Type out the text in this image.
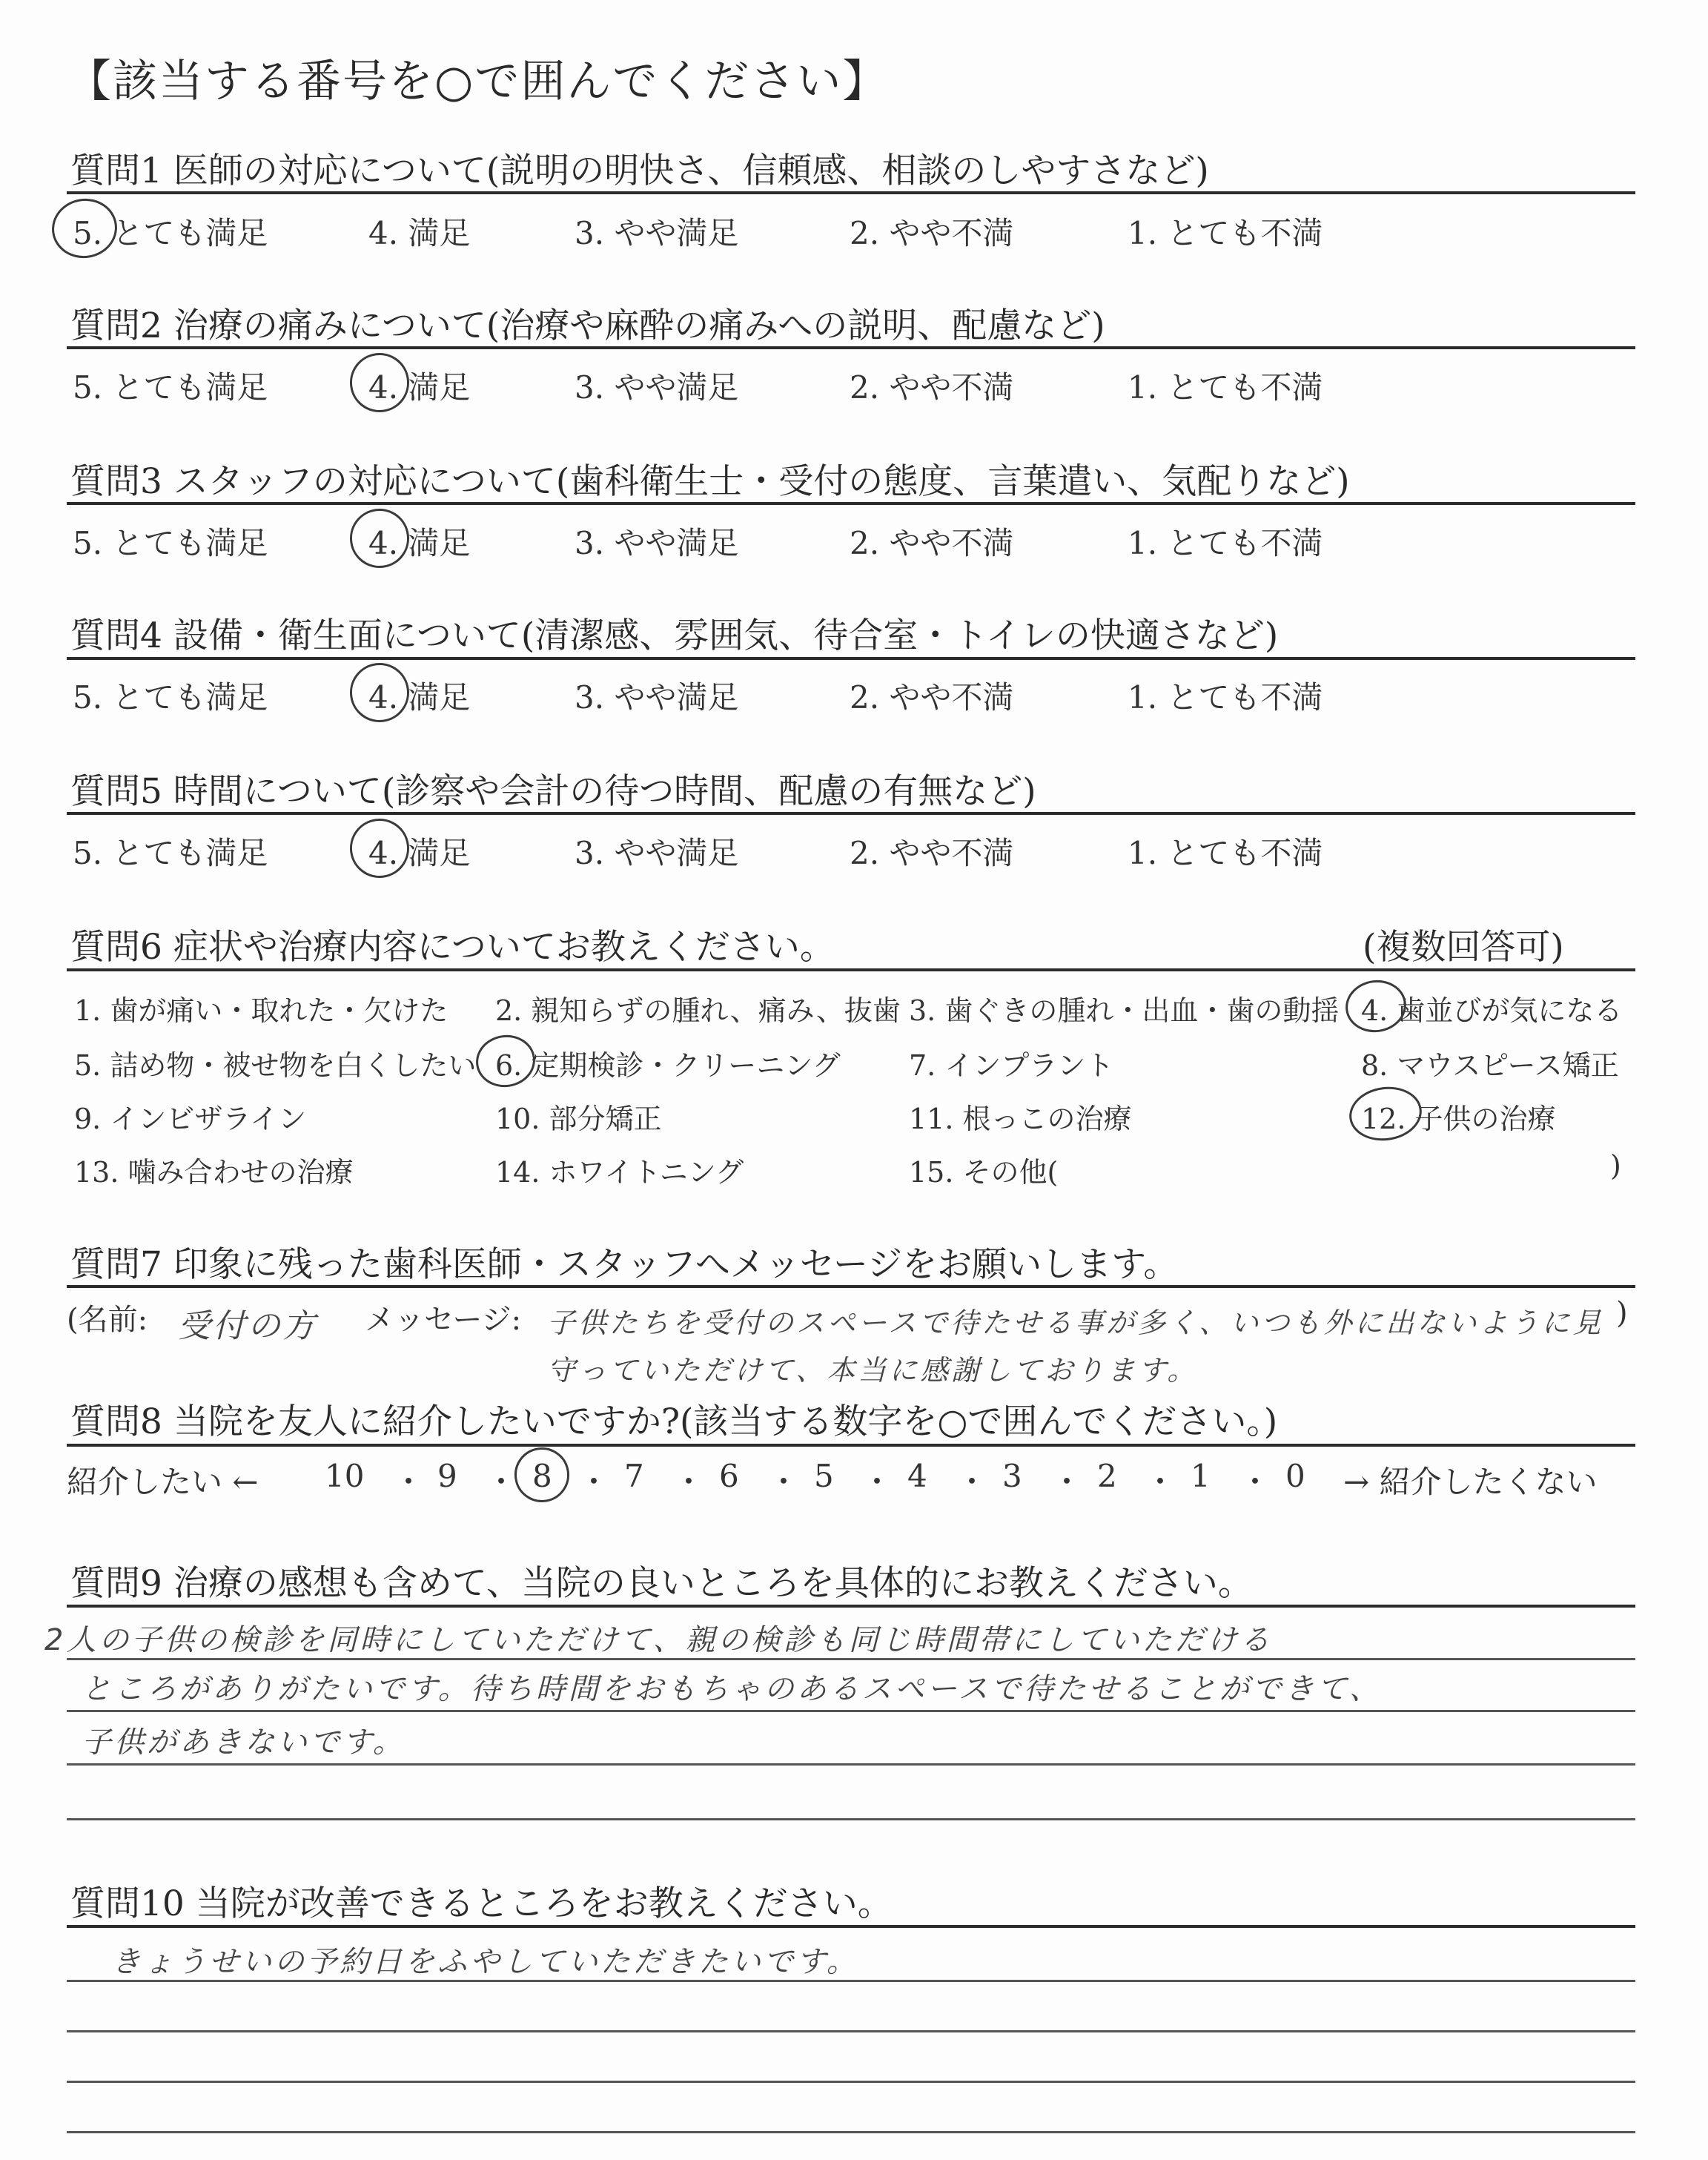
【該当する番号を○で囲んでください】
質問1 医師の対応について(説明の明快さ、信頼感、相談のしやすさなど)
5. とても満足	4. 満足	3. やや満足	2. やや不満	1. とても不満
質問2 治療の痛みについて(治療や麻酔の痛みへの説明、配慮など)
5. とても満足	4. 満足	3. やや満足	2. やや不満	1. とても不満
質問3 スタッフの対応について(歯科衛生士・受付の態度、言葉遣い、気配りなど)
5. とても満足	4. 満足	3. やや満足	2. やや不満	1. とても不満
質問4 設備・衛生面について(清潔感、雰囲気、待合室・トイレの快適さなど)
5. とても満足	4. 満足	3. やや満足	2. やや不満	1. とても不満
質問5 時間について(診察や会計の待つ時間、配慮の有無など)
5. とても満足	4. 満足	3. やや満足	2. やや不満	1. とても不満
質問6 症状や治療内容についてお教えください。	(複数回答可)
1. 歯が痛い・取れた・欠けた 2. 親知らずの腫れ、痛み、抜歯 3. 歯ぐきの腫れ・出血・歯の動揺 4. 歯並びが気になる
5. 詰め物・被せ物を白くしたい 6. 定期検診・クリーニング 7. インプラント	8. マウスピース矯正
9. インビザライン	10. 部分矯正	11. 根っこの治療	12. 子供の治療
13. 噛み合わせの治療	14. ホワイトニング	15. その他(	)
質問7 印象に残った歯科医師・スタッフへメッセージをお願いします。
(名前: 受付の方 メッセージ: 子供たちを受付のスペースで待たせる事が多く、いつも外に出ないように見守っていただけて、本当に感謝しております。
)
質問8 当院を友人に紹介したいですか?(該当する数字を○で囲んでください。)
紹介したい ←	→ 紹介したくない
10 ・ 9 ・ 8 ・ 7 ・ 6 ・ 5 ・ 4 ・ 3 ・ 2 ・ 1 ・ 0
質問9 治療の感想も含めて、当院の良いところを具体的にお教えください。
2人の子供の検診を同時にしていただけて、親の検診も同じ時間帯にしていただける
ところがありがたいです。待ち時間をおもちゃのあるスペースで待たせることができて、
子供があきないです。
質問10 当院が改善できるところをお教えください。
きょうせいの予約日をふやしていただきたいです。
